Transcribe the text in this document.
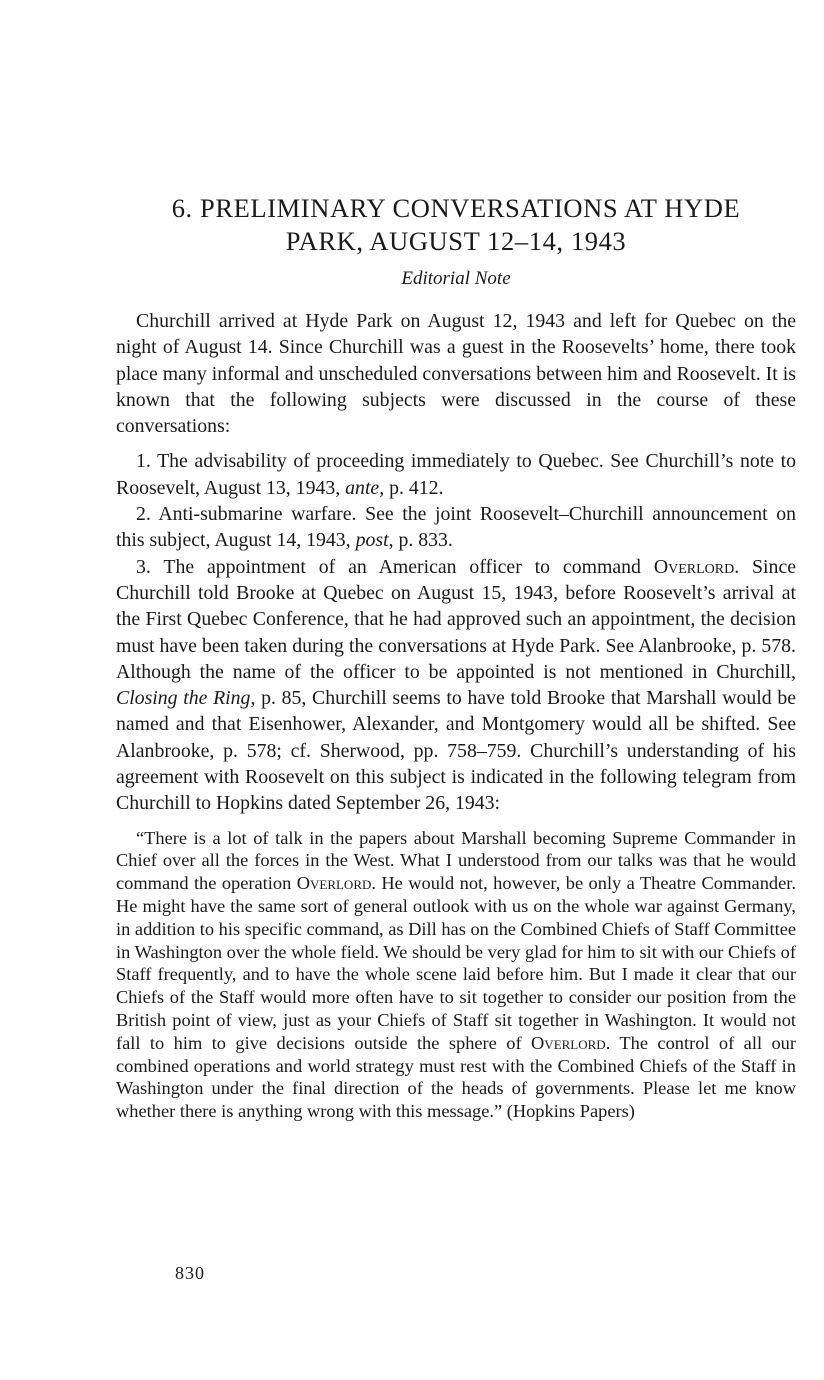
6. PRELIMINARY CONVERSATIONS AT HYDE
PARK, AUGUST 12–14, 1943
Editorial Note

Churchill arrived at Hyde Park on August 12, 1943 and left for Quebec on the night of August 14. Since Churchill was a guest in the Roosevelts’ home, there took place many informal and unscheduled conversations between him and Roosevelt. It is known that the following subjects were discussed in the course of these conversations:

1. The advisability of proceeding immediately to Quebec. See Churchill’s note to Roosevelt, August 13, 1943, ante, p. 412.

2. Anti-submarine warfare. See the joint Roosevelt–Churchill announcement on this subject, August 14, 1943, post, p. 833.

3. The appointment of an American officer to command Overlord. Since Churchill told Brooke at Quebec on August 15, 1943, before Roosevelt’s arrival at the First Quebec Conference, that he had approved such an appointment, the decision must have been taken during the conversations at Hyde Park. See Alanbrooke, p. 578. Although the name of the officer to be appointed is not mentioned in Churchill, Closing the Ring, p. 85, Churchill seems to have told Brooke that Marshall would be named and that Eisenhower, Alexander, and Montgomery would all be shifted. See Alanbrooke, p. 578; cf. Sherwood, pp. 758–759. Churchill’s understanding of his agreement with Roosevelt on this subject is indicated in the following telegram from Churchill to Hopkins dated September 26, 1943:

“There is a lot of talk in the papers about Marshall becoming Supreme Commander in Chief over all the forces in the West. What I understood from our talks was that he would command the operation Overlord. He would not, however, be only a Theatre Commander. He might have the same sort of general outlook with us on the whole war against Germany, in addition to his specific command, as Dill has on the Combined Chiefs of Staff Committee in Washington over the whole field. We should be very glad for him to sit with our Chiefs of Staff frequently, and to have the whole scene laid before him. But I made it clear that our Chiefs of the Staff would more often have to sit together to consider our position from the British point of view, just as your Chiefs of Staff sit together in Washington. It would not fall to him to give decisions outside the sphere of Overlord. The control of all our combined operations and world strategy must rest with the Combined Chiefs of the Staff in Washington under the final direction of the heads of governments. Please let me know whether there is anything wrong with this message.” (Hopkins Papers)

830
